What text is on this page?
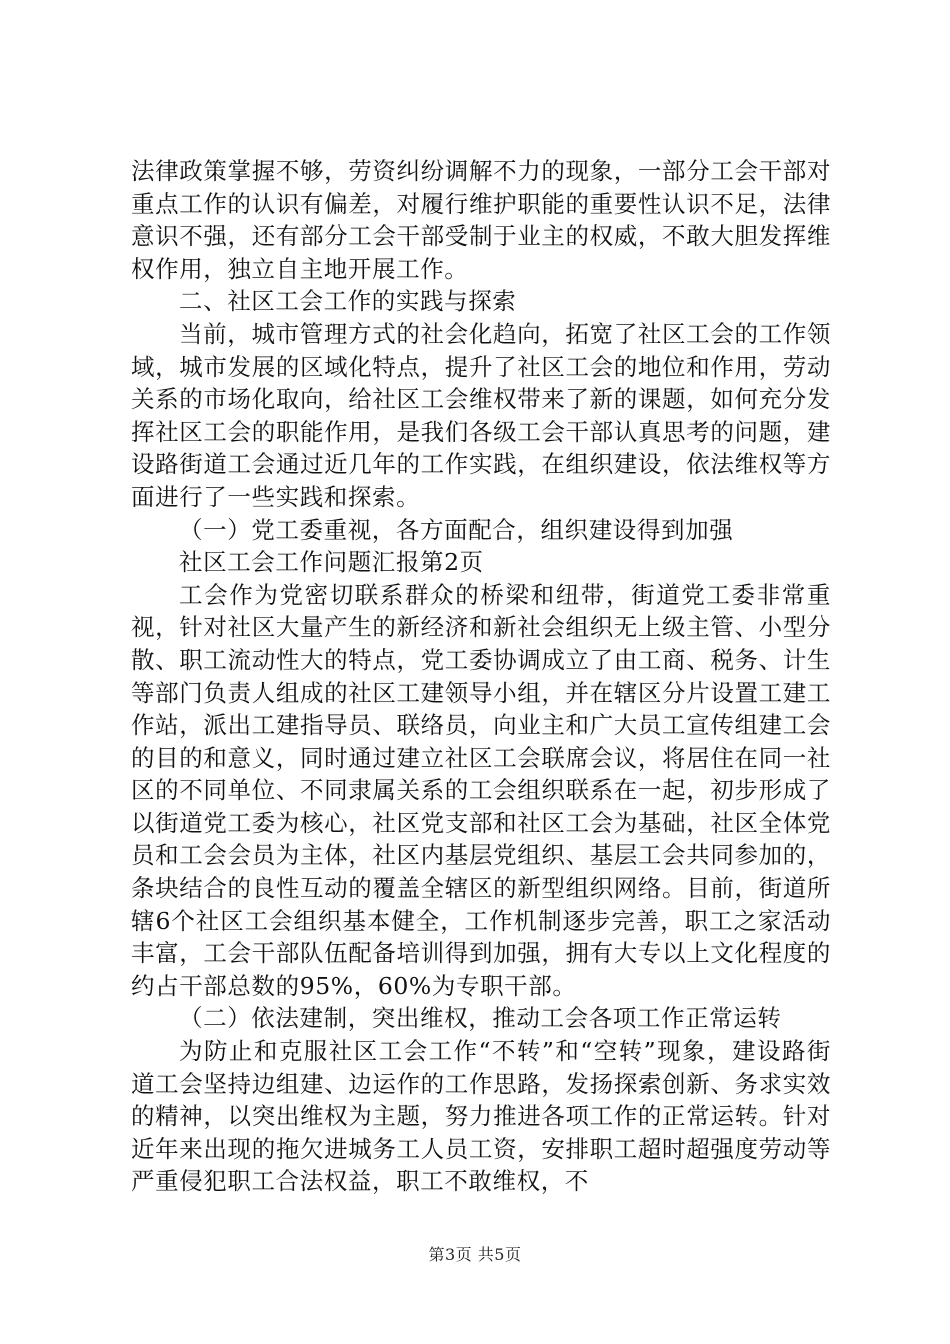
法律政策掌握不够，劳资纠纷调解不力的现象，一部分工会干部对重点工作的认识有偏差，对履行维护职能的重要性认识不足，法律意识不强，还有部分工会干部受制于业主的权威，不敢大胆发挥维权作用，独立自主地开展工作。

二、社区工会工作的实践与探索

当前，城市管理方式的社会化趋向，拓宽了社区工会的工作领域，城市发展的区域化特点，提升了社区工会的地位和作用，劳动关系的市场化取向，给社区工会维权带来了新的课题，如何充分发挥社区工会的职能作用，是我们各级工会干部认真思考的问题，建设路街道工会通过近几年的工作实践，在组织建设，依法维权等方面进行了一些实践和探索。

（一）党工委重视，各方面配合，组织建设得到加强

社区工会工作问题汇报第2页

工会作为党密切联系群众的桥梁和纽带，街道党工委非常重视，针对社区大量产生的新经济和新社会组织无上级主管、小型分散、职工流动性大的特点，党工委协调成立了由工商、税务、计生等部门负责人组成的社区工建领导小组，并在辖区分片设置工建工作站，派出工建指导员、联络员，向业主和广大员工宣传组建工会的目的和意义，同时通过建立社区工会联席会议，将居住在同一社区的不同单位、不同隶属关系的工会组织联系在一起，初步形成了以街道党工委为核心，社区党支部和社区工会为基础，社区全体党员和工会会员为主体，社区内基层党组织、基层工会共同参加的，条块结合的良性互动的覆盖全辖区的新型组织网络。目前，街道所辖6个社区工会组织基本健全，工作机制逐步完善，职工之家活动丰富，工会干部队伍配备培训得到加强，拥有大专以上文化程度的约占干部总数的95%，60%为专职干部。

（二）依法建制，突出维权，推动工会各项工作正常运转

为防止和克服社区工会工作“不转”和“空转”现象，建设路街道工会坚持边组建、边运作的工作思路，发扬探索创新、务求实效的精神，以突出维权为主题，努力推进各项工作的正常运转。针对近年来出现的拖欠进城务工人员工资，安排职工超时超强度劳动等严重侵犯职工合法权益，职工不敢维权，不

第3页 共5页
